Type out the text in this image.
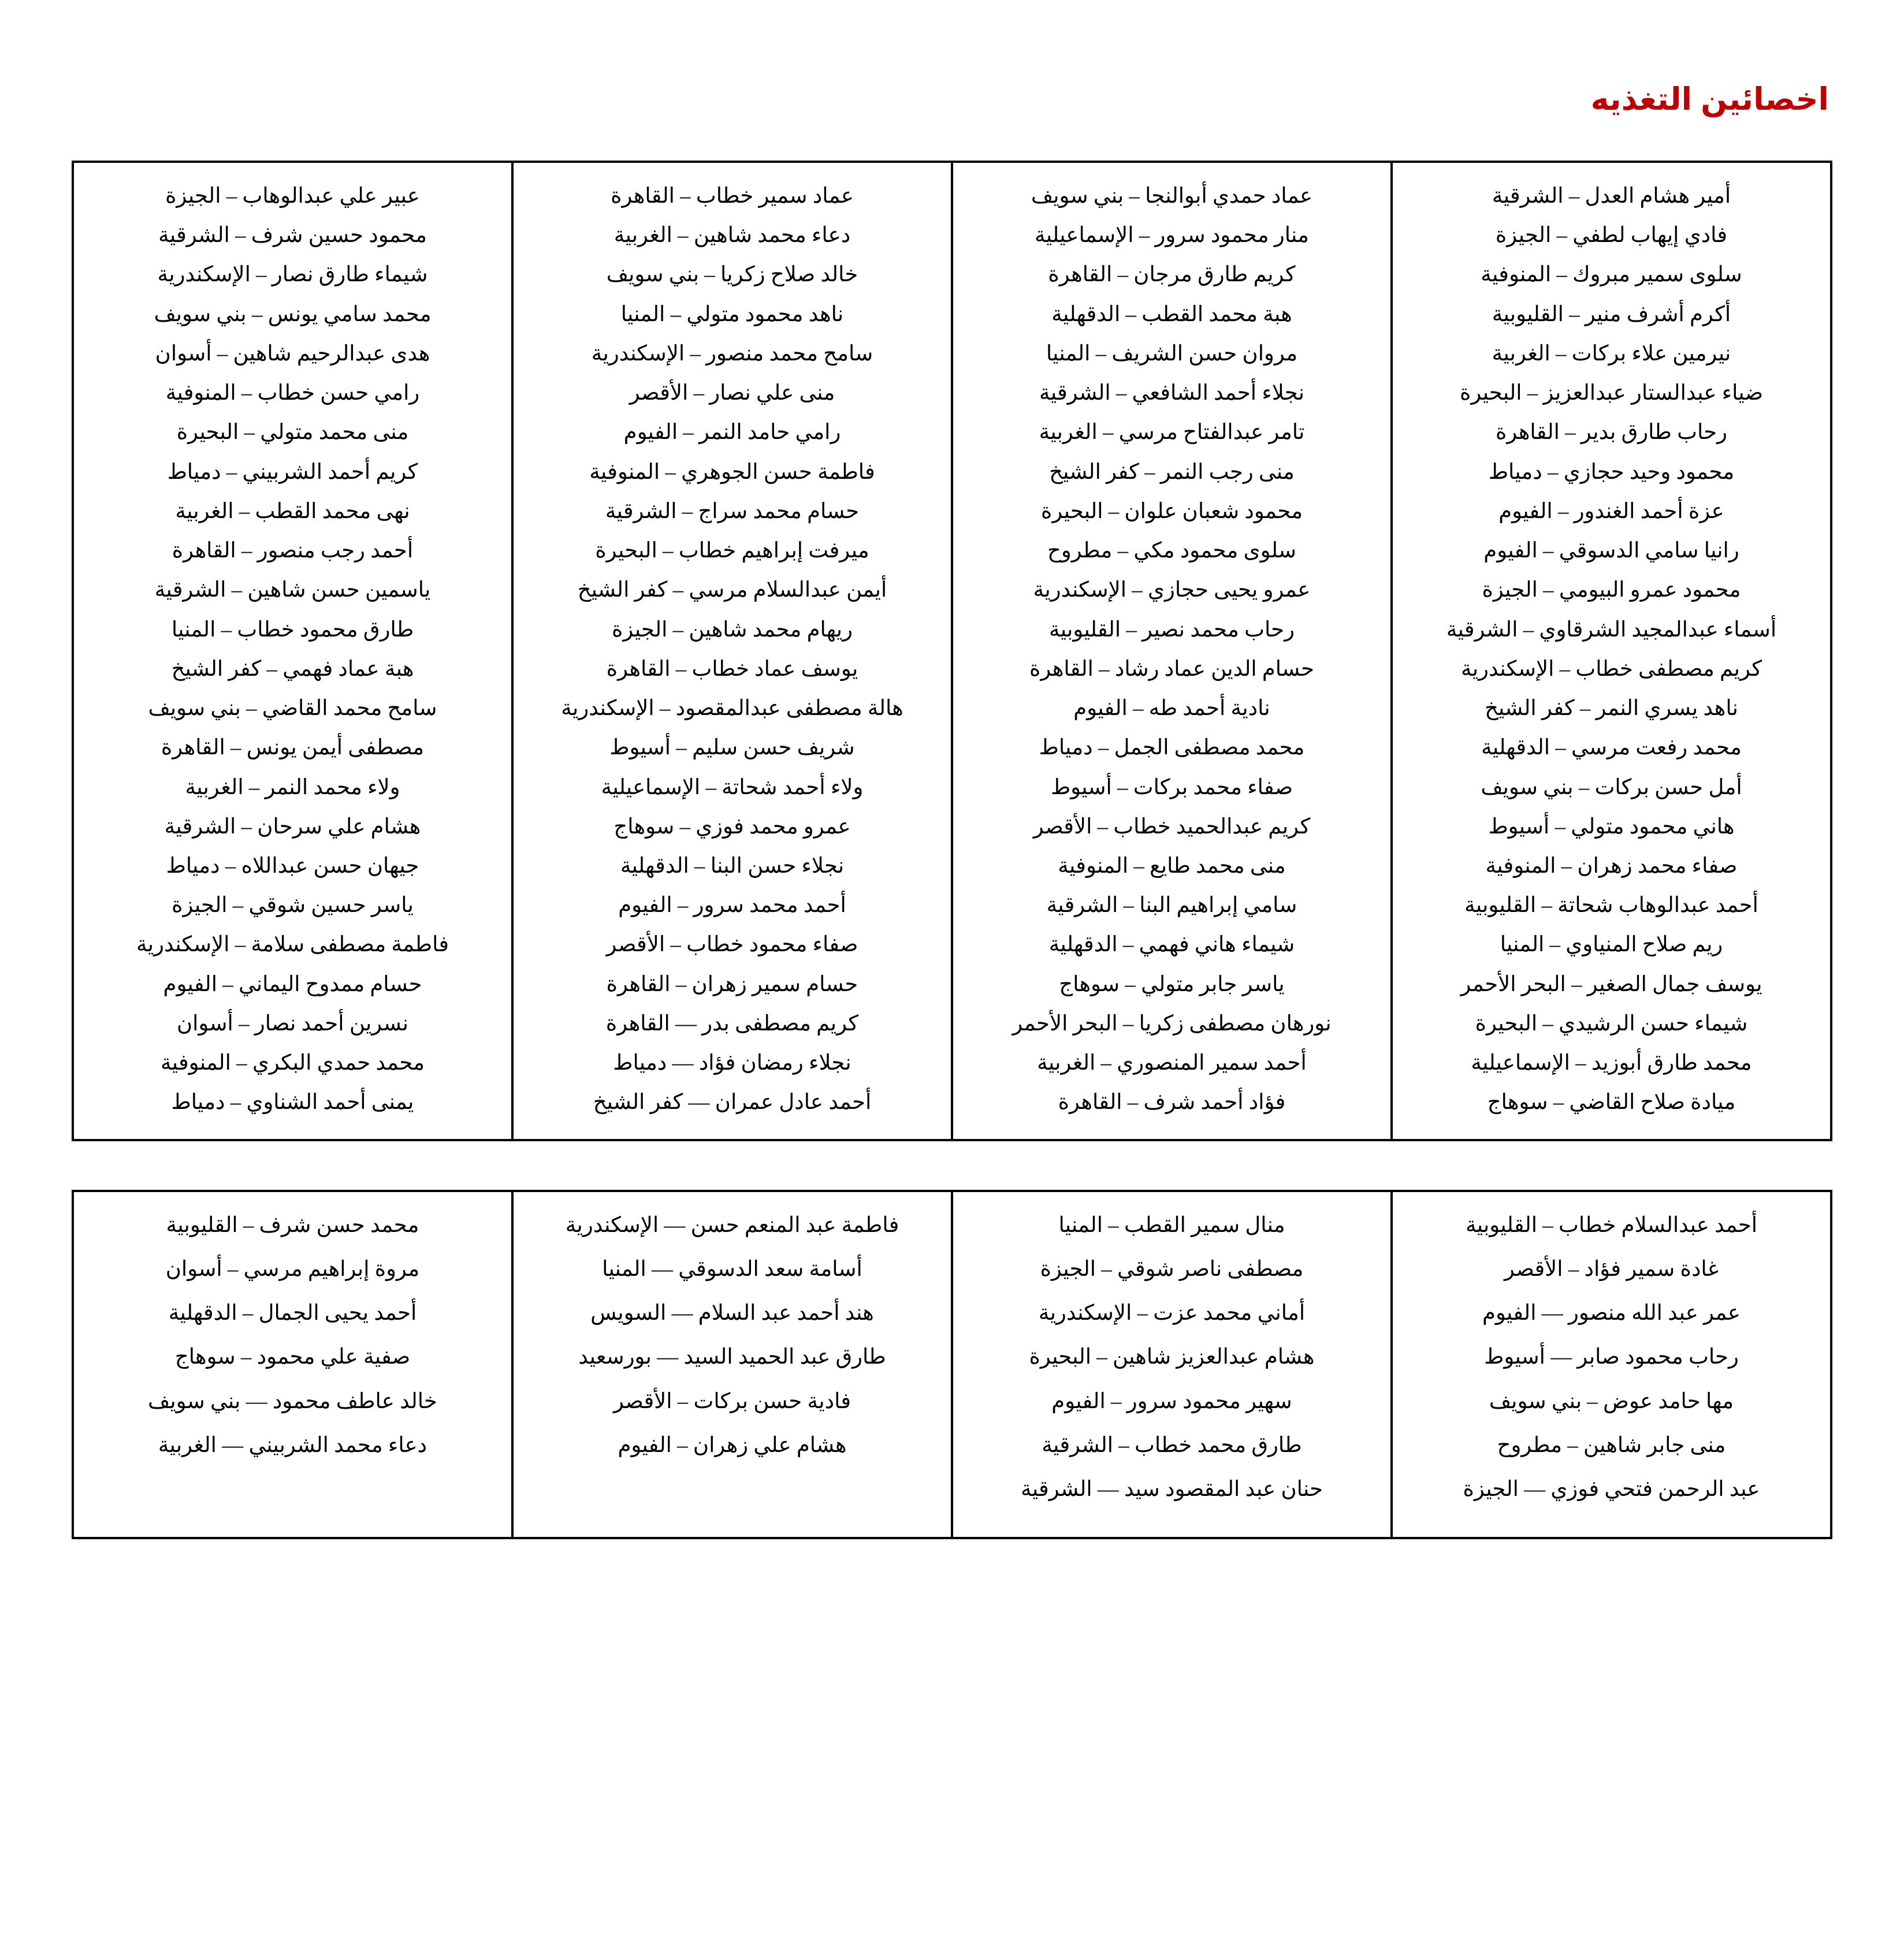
اخصائين التغذيه
أمير هشام العدل – الشرقية
فادي إيهاب لطفي – الجيزة
سلوى سمير مبروك – المنوفية
أكرم أشرف منير – القليوبية
نيرمين علاء بركات – الغربية
ضياء عبدالستار عبدالعزيز – البحيرة
رحاب طارق بدير – القاهرة
محمود وحيد حجازي – دمياط
عزة أحمد الغندور – الفيوم
رانيا سامي الدسوقي – الفيوم
محمود عمرو البيومي – الجيزة
أسماء عبدالمجيد الشرقاوي – الشرقية
كريم مصطفى خطاب – الإسكندرية
ناهد يسري النمر – كفر الشيخ
محمد رفعت مرسي – الدقهلية
أمل حسن بركات – بني سويف
هاني محمود متولي – أسيوط
صفاء محمد زهران – المنوفية
أحمد عبدالوهاب شحاتة – القليوبية
ريم صلاح المنياوي – المنيا
يوسف جمال الصغير – البحر الأحمر
شيماء حسن الرشيدي – البحيرة
محمد طارق أبوزيد – الإسماعيلية
ميادة صلاح القاضي – سوهاج

عماد حمدي أبوالنجا – بني سويف
منار محمود سرور – الإسماعيلية
كريم طارق مرجان – القاهرة
هبة محمد القطب – الدقهلية
مروان حسن الشريف – المنيا
نجلاء أحمد الشافعي – الشرقية
تامر عبدالفتاح مرسي – الغربية
منى رجب النمر – كفر الشيخ
محمود شعبان علوان – البحيرة
سلوى محمود مكي – مطروح
عمرو يحيى حجازي – الإسكندرية
رحاب محمد نصير – القليوبية
حسام الدين عماد رشاد – القاهرة
نادية أحمد طه – الفيوم
محمد مصطفى الجمل – دمياط
صفاء محمد بركات – أسيوط
كريم عبدالحميد خطاب – الأقصر
منى محمد طايع – المنوفية
سامي إبراهيم البنا – الشرقية
شيماء هاني فهمي – الدقهلية
ياسر جابر متولي – سوهاج
نورهان مصطفى زكريا – البحر الأحمر
أحمد سمير المنصوري – الغربية
فؤاد أحمد شرف – القاهرة

عماد سمير خطاب – القاهرة
دعاء محمد شاهين – الغربية
خالد صلاح زكريا – بني سويف
ناهد محمود متولي – المنيا
سامح محمد منصور – الإسكندرية
منى علي نصار – الأقصر
رامي حامد النمر – الفيوم
فاطمة حسن الجوهري – المنوفية
حسام محمد سراج – الشرقية
ميرفت إبراهيم خطاب – البحيرة
أيمن عبدالسلام مرسي – كفر الشيخ
ريهام محمد شاهين – الجيزة
يوسف عماد خطاب – القاهرة
هالة مصطفى عبدالمقصود – الإسكندرية
شريف حسن سليم – أسيوط
ولاء أحمد شحاتة – الإسماعيلية
عمرو محمد فوزي – سوهاج
نجلاء حسن البنا – الدقهلية
أحمد محمد سرور – الفيوم
صفاء محمود خطاب – الأقصر
حسام سمير زهران – القاهرة
كريم مصطفى بدر — القاهرة
نجلاء رمضان فؤاد — دمياط
أحمد عادل عمران — كفر الشيخ

عبير علي عبدالوهاب – الجيزة
محمود حسين شرف – الشرقية
شيماء طارق نصار – الإسكندرية
محمد سامي يونس – بني سويف
هدى عبدالرحيم شاهين – أسوان
رامي حسن خطاب – المنوفية
منى محمد متولي – البحيرة
كريم أحمد الشربيني – دمياط
نهى محمد القطب – الغربية
أحمد رجب منصور – القاهرة
ياسمين حسن شاهين – الشرقية
طارق محمود خطاب – المنيا
هبة عماد فهمي – كفر الشيخ
سامح محمد القاضي – بني سويف
مصطفى أيمن يونس – القاهرة
ولاء محمد النمر – الغربية
هشام علي سرحان – الشرقية
جيهان حسن عبداللاه – دمياط
ياسر حسين شوقي – الجيزة
فاطمة مصطفى سلامة – الإسكندرية
حسام ممدوح اليماني – الفيوم
نسرين أحمد نصار – أسوان
محمد حمدي البكري – المنوفية
يمنى أحمد الشناوي – دمياط
أحمد عبدالسلام خطاب – القليوبية
غادة سمير فؤاد – الأقصر
عمر عبد الله منصور — الفيوم
رحاب محمود صابر — أسيوط
مها حامد عوض – بني سويف
منى جابر شاهين – مطروح
عبد الرحمن فتحي فوزي — الجيزة

منال سمير القطب – المنيا
مصطفى ناصر شوقي – الجيزة
أماني محمد عزت – الإسكندرية
هشام عبدالعزيز شاهين – البحيرة
سهير محمود سرور – الفيوم
طارق محمد خطاب – الشرقية
حنان عبد المقصود سيد — الشرقية

فاطمة عبد المنعم حسن — الإسكندرية
أسامة سعد الدسوقي — المنيا
هند أحمد عبد السلام — السويس
طارق عبد الحميد السيد — بورسعيد
فادية حسن بركات – الأقصر
هشام علي زهران – الفيوم

محمد حسن شرف – القليوبية
مروة إبراهيم مرسي – أسوان
أحمد يحيى الجمال – الدقهلية
صفية علي محمود – سوهاج
خالد عاطف محمود — بني سويف
دعاء محمد الشربيني — الغربية
